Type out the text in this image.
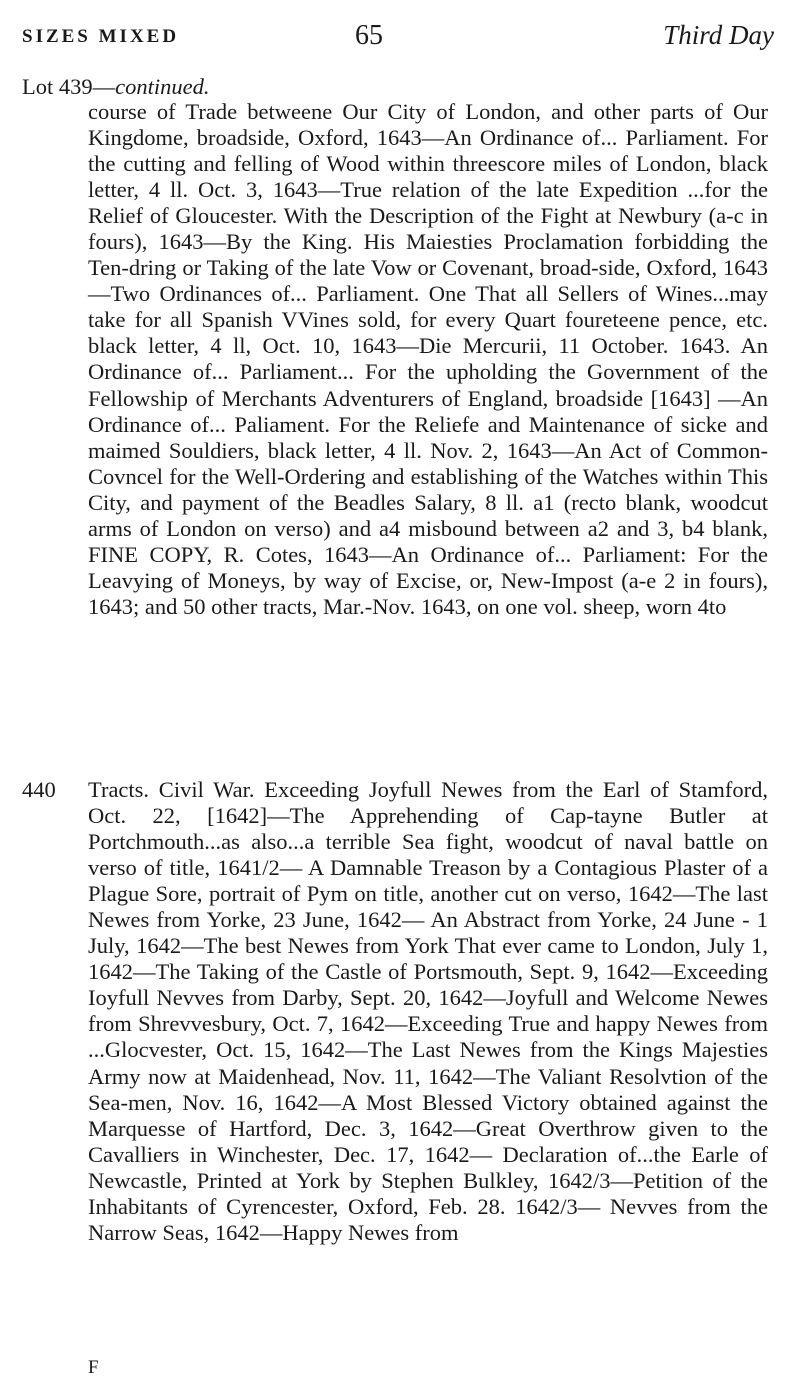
SIZES MIXED	65	Third Day
Lot 439—continued.
course of Trade betweene Our City of London, and other parts of Our Kingdome, broadside, Oxford, 1643—An Ordinance of... Parliament. For the cutting and felling of Wood within threescore miles of London, black letter, 4 ll. Oct. 3, 1643—True relation of the late Expedition ...for the Relief of Gloucester. With the Description of the Fight at Newbury (a-c in fours), 1643—By the King. His Maiesties Proclamation forbidding the Ten-dring or Taking of the late Vow or Covenant, broad-side, Oxford, 1643—Two Ordinances of... Parliament. One That all Sellers of Wines...may take for all Spanish VVines sold, for every Quart foureteene pence, etc. black letter, 4 ll, Oct. 10, 1643—Die Mercurii, 11 October. 1643. An Ordinance of... Parliament... For the upholding the Government of the Fellowship of Merchants Adventurers of England, broadside [1643] —An Ordinance of... Paliament. For the Reliefe and Maintenance of sicke and maimed Souldiers, black letter, 4 ll. Nov. 2, 1643—An Act of Common-Covncel for the Well-Ordering and establishing of the Watches within This City, and payment of the Beadles Salary, 8 ll. a1 (recto blank, woodcut arms of London on verso) and a4 misbound between a2 and 3, b4 blank, FINE COPY, R. Cotes, 1643—An Ordinance of... Parliament: For the Leavying of Moneys, by way of Excise, or, New-Impost (a-e 2 in fours), 1643; and 50 other tracts, Mar.-Nov. 1643, on one vol. sheep, worn 4to
440 Tracts. Civil War. Exceeding Joyfull Newes from the Earl of Stamford, Oct. 22, [1642]—The Apprehending of Cap-tayne Butler at Portchmouth...as also...a terrible Sea fight, woodcut of naval battle on verso of title, 1641/2— A Damnable Treason by a Contagious Plaster of a Plague Sore, portrait of Pym on title, another cut on verso, 1642—The last Newes from Yorke, 23 June, 1642— An Abstract from Yorke, 24 June - 1 July, 1642—The best Newes from York That ever came to London, July 1, 1642—The Taking of the Castle of Portsmouth, Sept. 9, 1642—Exceeding Ioyfull Nevves from Darby, Sept. 20, 1642—Joyfull and Welcome Newes from Shrevvesbury, Oct. 7, 1642—Exceeding True and happy Newes from ...Glocvester, Oct. 15, 1642—The Last Newes from the Kings Majesties Army now at Maidenhead, Nov. 11, 1642—The Valiant Resolvtion of the Sea-men, Nov. 16, 1642—A Most Blessed Victory obtained against the Marquesse of Hartford, Dec. 3, 1642—Great Overthrow given to the Cavalliers in Winchester, Dec. 17, 1642— Declaration of...the Earle of Newcastle, Printed at York by Stephen Bulkley, 1642/3—Petition of the Inhabitants of Cyrencester, Oxford, Feb. 28. 1642/3— Nevves from the Narrow Seas, 1642—Happy Newes from
F
